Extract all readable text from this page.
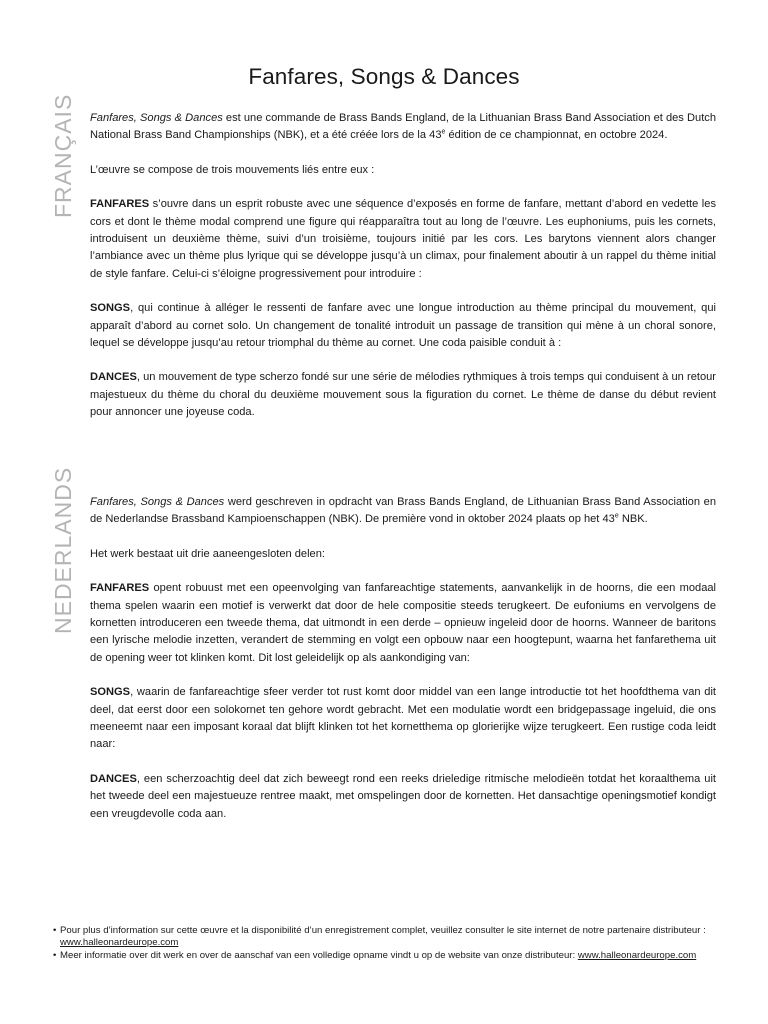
Fanfares, Songs & Dances
FRANÇAIS	Fanfares, Songs & Dances est une commande de Brass Bands England, de la Lithuanian Brass Band Association et des Dutch National Brass Band Championships (NBK), et a été créée lors de la 43e édition de ce championnat, en octobre 2024.

L’œuvre se compose de trois mouvements liés entre eux :

FANFARES s’ouvre dans un esprit robuste avec une séquence d’exposés en forme de fanfare, mettant d’abord en vedette les cors et dont le thème modal comprend une figure qui réapparaîtra tout au long de l’œuvre. Les euphoniums, puis les cornets, introduisent un deuxième thème, suivi d’un troisième, toujours initié par les cors. Les barytons viennent alors changer l’ambiance avec un thème plus lyrique qui se développe jusqu’à un climax, pour finalement aboutir à un rappel du thème initial de style fanfare. Celui-ci s’éloigne progressivement pour introduire :

SONGS, qui continue à alléger le ressenti de fanfare avec une longue introduction au thème principal du mouvement, qui apparaît d’abord au cornet solo. Un changement de tonalité introduit un passage de transition qui mène à un choral sonore, lequel se développe jusqu’au retour triomphal du thème au cornet. Une coda paisible conduit à :

DANCES, un mouvement de type scherzo fondé sur une série de mélodies rythmiques à trois temps qui conduisent à un retour majestueux du thème du choral du deuxième mouvement sous la figuration du cornet. Le thème de danse du début revient pour annoncer une joyeuse coda.

NEDERLANDS	Fanfares, Songs & Dances werd geschreven in opdracht van Brass Bands England, de Lithuanian Brass Band Association en de Nederlandse Brassband Kampioenschappen (NBK). De première vond in oktober 2024 plaats op het 43e NBK.

Het werk bestaat uit drie aaneengesloten delen:

FANFARES opent robuust met een opeenvolging van fanfareachtige statements, aanvankelijk in de hoorns, die een modaal thema spelen waarin een motief is verwerkt dat door de hele compositie steeds terugkeert. De eufoniums en vervolgens de kornetten introduceren een tweede thema, dat uitmondt in een derde – opnieuw ingeleid door de hoorns. Wanneer de baritons een lyrische melodie inzetten, verandert de stemming en volgt een opbouw naar een hoogtepunt, waarna het fanfarethema uit de opening weer tot klinken komt. Dit lost geleidelijk op als aankondiging van:

SONGS, waarin de fanfareachtige sfeer verder tot rust komt door middel van een lange introductie tot het hoofdthema van dit deel, dat eerst door een solokornet ten gehore wordt gebracht. Met een modulatie wordt een bridgepassage ingeluid, die ons meeneemt naar een imposant koraal dat blijft klinken tot het kornetthema op glorierijke wijze terugkeert. Een rustige coda leidt naar:

DANCES, een scherzoachtig deel dat zich beweegt rond een reeks drieledige ritmische melodieën totdat het koraalthema uit het tweede deel een majestueuze rentree maakt, met omspelingen door de kornetten. Het dansachtige openingsmotief kondigt een vreugdevolle coda aan.

• Pour plus d’information sur cette œuvre et la disponibilité d’un enregistrement complet, veuillez consulter le site internet de notre partenaire distributeur : www.halleonardeurope.com

• Meer informatie over dit werk en over de aanschaf van een volledige opname vindt u op de website van onze distributeur: www.halleonardeurope.com
